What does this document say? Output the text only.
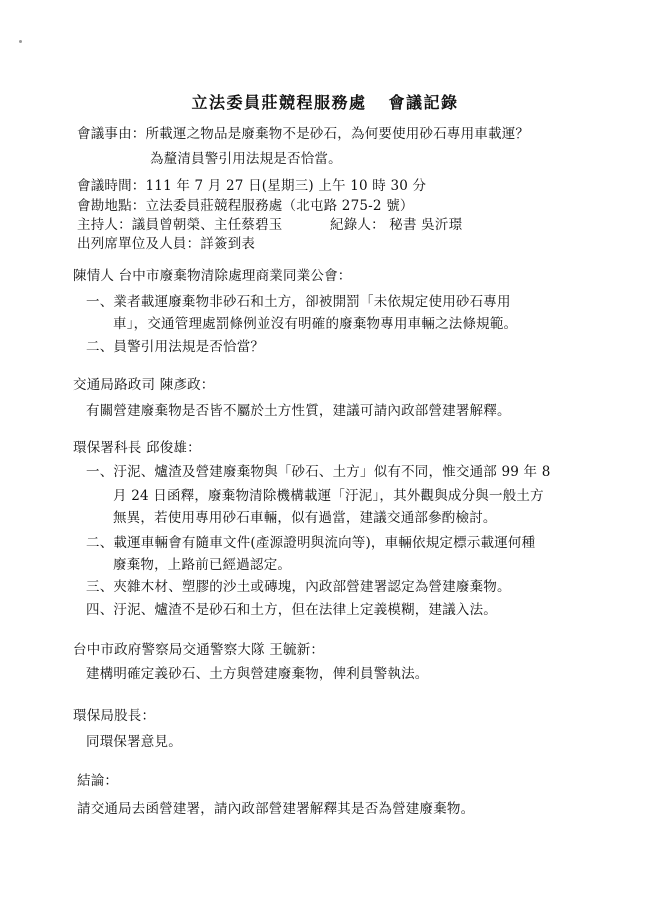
立法委員莊競程服務處 會議記錄
會議事由：所載運之物品是廢棄物不是砂石，為何要使用砂石專用車載運？
為釐清員警引用法規是否恰當。
會議時間：111 年 7 月 27 日(星期三) 上午 10 時 30 分
會勘地點：立法委員莊競程服務處（北屯路 275-2 號）
主持人：議員曾朝榮、主任蔡碧玉	紀錄人： 秘書 吳沂璟
出列席單位及人員：詳簽到表
陳情人 台中市廢棄物清除處理商業同業公會：
一、業者載運廢棄物非砂石和土方，卻被開罰「未依規定使用砂石專用
車」，交通管理處罰條例並沒有明確的廢棄物專用車輛之法條規範。
二、員警引用法規是否恰當？
交通局路政司 陳彥政：
有關營建廢棄物是否皆不屬於土方性質，建議可請內政部營建署解釋。
環保署科長 邱俊雄：
一、汙泥、爐渣及營建廢棄物與「砂石、土方」似有不同，惟交通部 99 年 8
月 24 日函釋，廢棄物清除機構載運「汙泥」，其外觀與成分與一般土方
無異，若使用專用砂石車輛，似有過當，建議交通部參酌檢討。
二、載運車輛會有隨車文件(產源證明與流向等)，車輛依規定標示載運何種
廢棄物，上路前已經過認定。
三、夾雜木材、塑膠的沙土或磚塊，內政部營建署認定為營建廢棄物。
四、汙泥、爐渣不是砂石和土方，但在法律上定義模糊，建議入法。
台中市政府警察局交通警察大隊 王毓新：
建構明確定義砂石、土方與營建廢棄物，俾利員警執法。
環保局股長：
同環保署意見。
結論：
請交通局去函營建署，請內政部營建署解釋其是否為營建廢棄物。
